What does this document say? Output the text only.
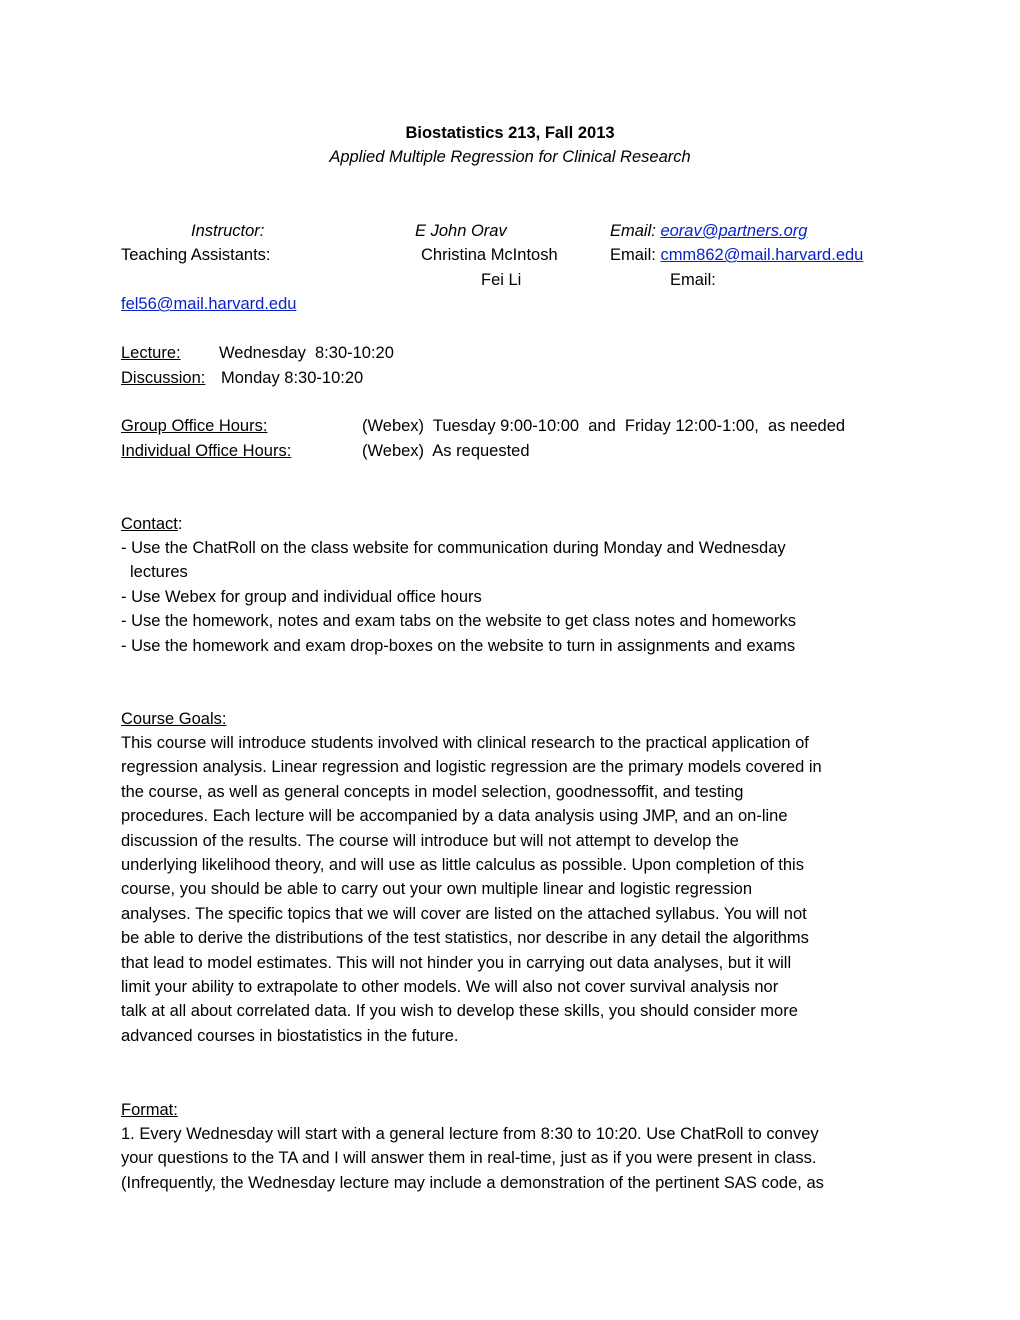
Biostatistics 213, Fall 2013
Applied Multiple Regression for Clinical Research
Instructor:	E John Orav	Email: eorav@partners.org
Teaching Assistants:	Christina McIntosh	Email: cmm862@mail.harvard.edu
Fei Li	Email:
fel56@mail.harvard.edu
Lecture: Wednesday  8:30-10:20
Discussion: Monday 8:30-10:20
Group Office Hours:	(Webex)  Tuesday 9:00-10:00  and  Friday 12:00-1:00,  as needed
Individual Office Hours:	(Webex)  As requested
Contact:
- Use the ChatRoll on the class website for communication during Monday and Wednesday
lectures
- Use Webex for group and individual office hours
- Use the homework, notes and exam tabs on the website to get class notes and homeworks
- Use the homework and exam drop-boxes on the website to turn in assignments and exams
Course Goals:
This course will introduce students involved with clinical research to the practical application of
regression analysis. Linear regression and logistic regression are the primary models covered in
the course, as well as general concepts in model selection, goodnessoffit, and testing
procedures. Each lecture will be accompanied by a data analysis using JMP, and an on-line
discussion of the results. The course will introduce but will not attempt to develop the
underlying likelihood theory, and will use as little calculus as possible. Upon completion of this
course, you should be able to carry out your own multiple linear and logistic regression
analyses. The specific topics that we will cover are listed on the attached syllabus. You will not
be able to derive the distributions of the test statistics, nor describe in any detail the algorithms
that lead to model estimates. This will not hinder you in carrying out data analyses, but it will
limit your ability to extrapolate to other models. We will also not cover survival analysis nor
talk at all about correlated data. If you wish to develop these skills, you should consider more
advanced courses in biostatistics in the future.
Format:
1. Every Wednesday will start with a general lecture from 8:30 to 10:20. Use ChatRoll to convey
your questions to the TA and I will answer them in real-time, just as if you were present in class.
(Infrequently, the Wednesday lecture may include a demonstration of the pertinent SAS code, as
